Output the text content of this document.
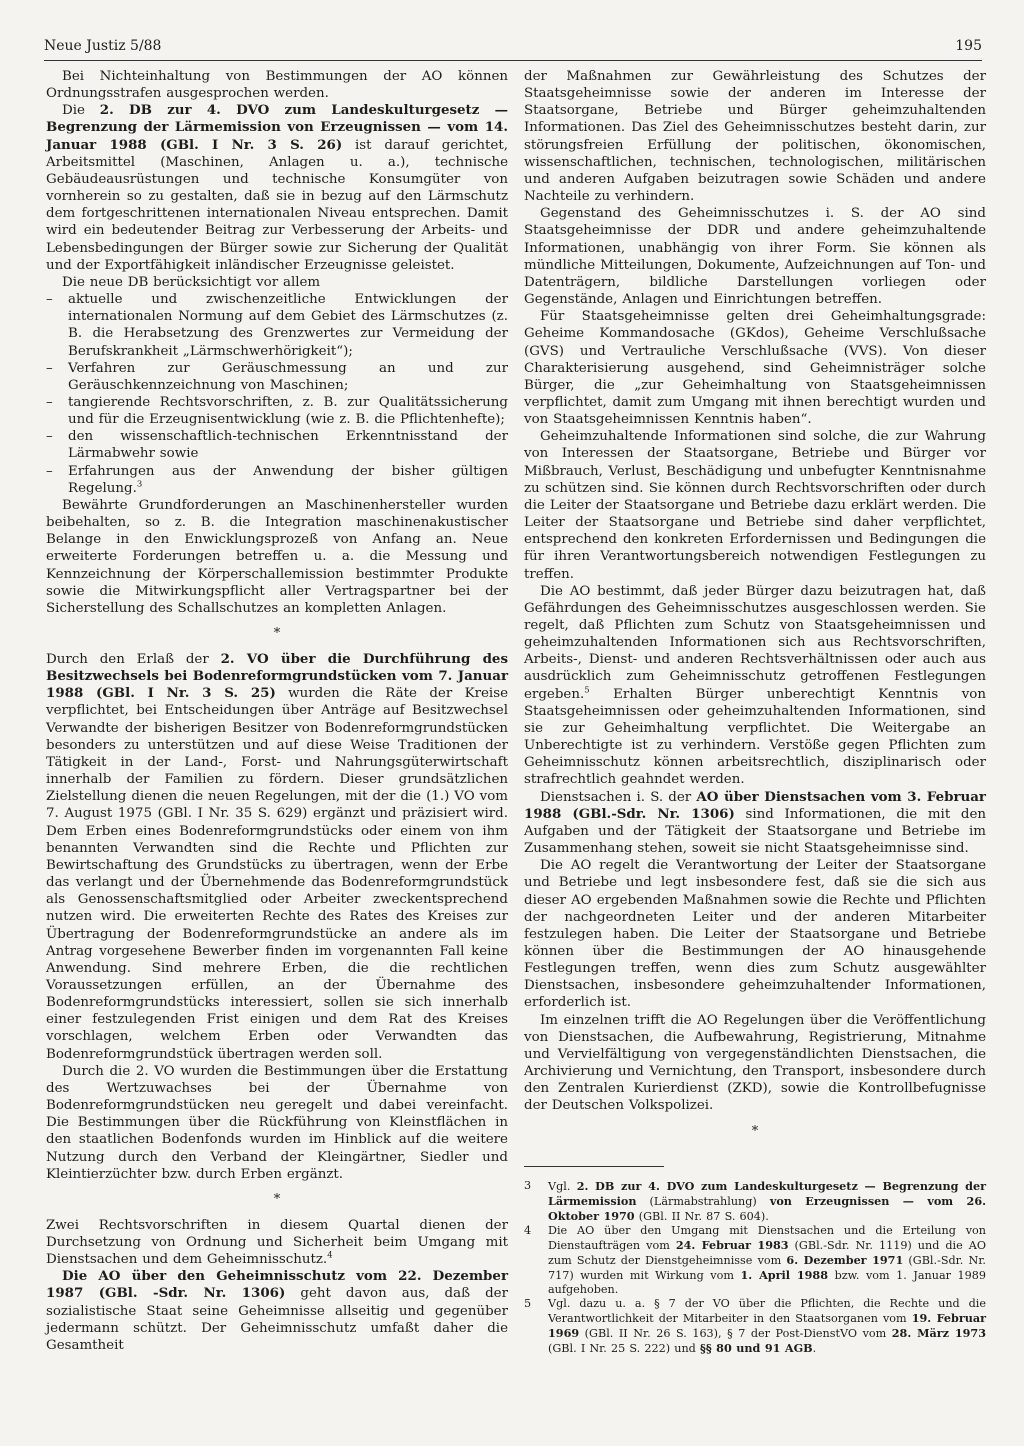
Neue Justiz 5/88	195

Bei Nichteinhaltung von Bestimmungen der AO können Ordnungsstrafen ausgesprochen werden.

Die 2. DB zur 4. DVO zum Landeskulturgesetz — Begrenzung der Lärmemission von Erzeugnissen — vom 14. Januar 1988 (GBl. I Nr. 3 S. 26) ist darauf gerichtet, Arbeitsmittel (Maschinen, Anlagen u. a.), technische Gebäudeausrüstungen und technische Konsumgüter von vornherein so zu gestalten, daß sie in bezug auf den Lärmschutz dem fortgeschrittenen internationalen Niveau entsprechen. Damit wird ein bedeutender Beitrag zur Verbesserung der Arbeits- und Lebensbedingungen der Bürger sowie zur Sicherung der Qualität und der Exportfähigkeit inländischer Erzeugnisse geleistet.

Die neue DB berücksichtigt vor allem

– aktuelle und zwischenzeitliche Entwicklungen der internationalen Normung auf dem Gebiet des Lärmschutzes (z. B. die Herabsetzung des Grenzwertes zur Vermeidung der Berufskrankheit „Lärmschwerhörigkeit“);
– Verfahren zur Geräuschmessung an und zur Geräuschkennzeichnung von Maschinen;
– tangierende Rechtsvorschriften, z. B. zur Qualitätssicherung und für die Erzeugnisentwicklung (wie z. B. die Pflichtenhefte);
– den wissenschaftlich-technischen Erkenntnisstand der Lärmabwehr sowie
– Erfahrungen aus der Anwendung der bisher gültigen Regelung.$^3$

Bewährte Grundforderungen an Maschinenhersteller wurden beibehalten, so z. B. die Integration maschinenakustischer Belange in den Enwicklungsprozeß von Anfang an. Neue erweiterte Forderungen betreffen u. a. die Messung und Kennzeichnung der Körperschallemission bestimmter Produkte sowie die Mitwirkungspflicht aller Vertragspartner bei der Sicherstellung des Schallschutzes an kompletten Anlagen.

*

Durch den Erlaß der 2. VO über die Durchführung des Besitzwechsels bei Bodenreformgrundstücken vom 7. Januar 1988 (GBl. I Nr. 3 S. 25) wurden die Räte der Kreise verpflichtet, bei Entscheidungen über Anträge auf Besitzwechsel Verwandte der bisherigen Besitzer von Bodenreformgrundstücken besonders zu unterstützen und auf diese Weise Traditionen der Tätigkeit in der Land-, Forst- und Nahrungsgüterwirtschaft innerhalb der Familien zu fördern. Dieser grundsätzlichen Zielstellung dienen die neuen Regelungen, mit der die (1.) VO vom 7. August 1975 (GBl. I Nr. 35 S. 629) ergänzt und präzisiert wird. Dem Erben eines Bodenreformgrundstücks oder einem von ihm benannten Verwandten sind die Rechte und Pflichten zur Bewirtschaftung des Grundstücks zu übertragen, wenn der Erbe das verlangt und der Übernehmende das Bodenreformgrundstück als Genossenschaftsmitglied oder Arbeiter zweckentsprechend nutzen wird. Die erweiterten Rechte des Rates des Kreises zur Übertragung der Bodenreformgrundstücke an andere als im Antrag vorgesehene Bewerber finden im vorgenannten Fall keine Anwendung. Sind mehrere Erben, die die rechtlichen Voraussetzungen erfüllen, an der Übernahme des Bodenreformgrundstücks interessiert, sollen sie sich innerhalb einer festzulegenden Frist einigen und dem Rat des Kreises vorschlagen, welchem Erben oder Verwandten das Bodenreformgrundstück übertragen werden soll.

Durch die 2. VO wurden die Bestimmungen über die Erstattung des Wertzuwachses bei der Übernahme von Bodenreformgrundstücken neu geregelt und dabei vereinfacht. Die Bestimmungen über die Rückführung von Kleinstflächen in den staatlichen Bodenfonds wurden im Hinblick auf die weitere Nutzung durch den Verband der Kleingärtner, Siedler und Kleintierzüchter bzw. durch Erben ergänzt.

*

Zwei Rechtsvorschriften in diesem Quartal dienen der Durchsetzung von Ordnung und Sicherheit beim Umgang mit Dienstsachen und dem Geheimnisschutz.$^4$

Die AO über den Geheimnisschutz vom 22. Dezember 1987 (GBl. -Sdr. Nr. 1306) geht davon aus, daß der sozialistische Staat seine Geheimnisse allseitig und gegenüber jedermann schützt. Der Geheimnisschutz umfaßt daher die Gesamtheit

der Maßnahmen zur Gewährleistung des Schutzes der Staatsgeheimnisse sowie der anderen im Interesse der Staatsorgane, Betriebe und Bürger geheimzuhaltenden Informationen. Das Ziel des Geheimnisschutzes besteht darin, zur störungsfreien Erfüllung der politischen, ökonomischen, wissenschaftlichen, technischen, technologischen, militärischen und anderen Aufgaben beizutragen sowie Schäden und andere Nachteile zu verhindern.

Gegenstand des Geheimnisschutzes i. S. der AO sind Staatsgeheimnisse der DDR und andere geheimzuhaltende Informationen, unabhängig von ihrer Form. Sie können als mündliche Mitteilungen, Dokumente, Aufzeichnungen auf Ton- und Datenträgern, bildliche Darstellungen vorliegen oder Gegenstände, Anlagen und Einrichtungen betreffen.

Für Staatsgeheimnisse gelten drei Geheimhaltungsgrade: Geheime Kommandosache (GKdos), Geheime Verschlußsache (GVS) und Vertrauliche Verschlußsache (VVS). Von dieser Charakterisierung ausgehend, sind Geheimnisträger solche Bürger, die „zur Geheimhaltung von Staatsgeheimnissen verpflichtet, damit zum Umgang mit ihnen berechtigt wurden und von Staatsgeheimnissen Kenntnis haben“.

Geheimzuhaltende Informationen sind solche, die zur Wahrung von Interessen der Staatsorgane, Betriebe und Bürger vor Mißbrauch, Verlust, Beschädigung und unbefugter Kenntnisnahme zu schützen sind. Sie können durch Rechtsvorschriften oder durch die Leiter der Staatsorgane und Betriebe dazu erklärt werden. Die Leiter der Staatsorgane und Betriebe sind daher verpflichtet, entsprechend den konkreten Erfordernissen und Bedingungen die für ihren Verantwortungsbereich notwendigen Festlegungen zu treffen.

Die AO bestimmt, daß jeder Bürger dazu beizutragen hat, daß Gefährdungen des Geheimnisschutzes ausgeschlossen werden. Sie regelt, daß Pflichten zum Schutz von Staatsgeheimnissen und geheimzuhaltenden Informationen sich aus Rechtsvorschriften, Arbeits-, Dienst- und anderen Rechtsverhältnissen oder auch aus ausdrücklich zum Geheimnisschutz getroffenen Festlegungen ergeben.$^5$ Erhalten Bürger unberechtigt Kenntnis von Staatsgeheimnissen oder geheimzuhaltenden Informationen, sind sie zur Geheimhaltung verpflichtet. Die Weitergabe an Unberechtigte ist zu verhindern. Verstöße gegen Pflichten zum Geheimnisschutz können arbeitsrechtlich, disziplinarisch oder strafrechtlich geahndet werden.

Dienstsachen i. S. der AO über Dienstsachen vom 3. Februar 1988 (GBl.-Sdr. Nr. 1306) sind Informationen, die mit den Aufgaben und der Tätigkeit der Staatsorgane und Betriebe im Zusammenhang stehen, soweit sie nicht Staatsgeheimnisse sind.

Die AO regelt die Verantwortung der Leiter der Staatsorgane und Betriebe und legt insbesondere fest, daß sie die sich aus dieser AO ergebenden Maßnahmen sowie die Rechte und Pflichten der nachgeordneten Leiter und der anderen Mitarbeiter festzulegen haben. Die Leiter der Staatsorgane und Betriebe können über die Bestimmungen der AO hinausgehende Festlegungen treffen, wenn dies zum Schutz ausgewählter Dienstsachen, insbesondere geheimzuhaltender Informationen, erforderlich ist.

Im einzelnen trifft die AO Regelungen über die Veröffentlichung von Dienstsachen, die Aufbewahrung, Registrierung, Mitnahme und Vervielfältigung von vergegenständlichten Dienstsachen, die Archivierung und Vernichtung, den Transport, insbesondere durch den Zentralen Kurierdienst (ZKD), sowie die Kontrollbefugnisse der Deutschen Volkspolizei.

*

3 Vgl. 2. DB zur 4. DVO zum Landeskulturgesetz — Begrenzung der Lärmemission (Lärmabstrahlung) von Erzeugnissen — vom 26. Oktober 1970 (GBl. II Nr. 87 S. 604).

4 Die AO über den Umgang mit Dienstsachen und die Erteilung von Dienstaufträgen vom 24. Februar 1983 (GBl.-Sdr. Nr. 1119) und die AO zum Schutz der Dienstgeheimnisse vom 6. Dezember 1971 (GBl.-Sdr. Nr. 717) wurden mit Wirkung vom 1. April 1988 bzw. vom 1. Januar 1989 aufgehoben.

5 Vgl. dazu u. a. § 7 der VO über die Pflichten, die Rechte und die Verantwortlichkeit der Mitarbeiter in den Staatsorganen vom 19. Februar 1969 (GBl. II Nr. 26 S. 163), § 7 der Post-DienstVO vom 28. März 1973 (GBl. I Nr. 25 S. 222) und §§ 80 und 91 AGB.
